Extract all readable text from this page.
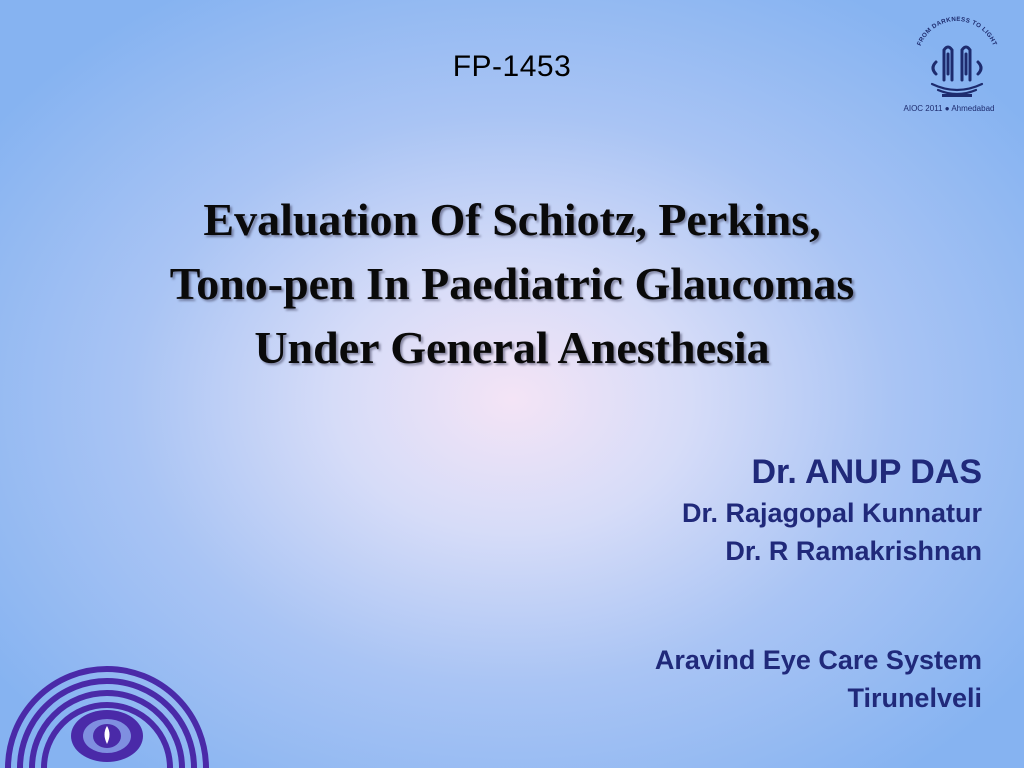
FP-1453
Evaluation Of Schiotz, Perkins,
Tono-pen In Paediatric Glaucomas
Under General Anesthesia
Dr. ANUP DAS
Dr. Rajagopal Kunnatur
Dr. R Ramakrishnan
Aravind Eye Care System
Tirunelveli
FROM DARKNESS TO LIGHT
AIOC 2011 ● Ahmedabad
